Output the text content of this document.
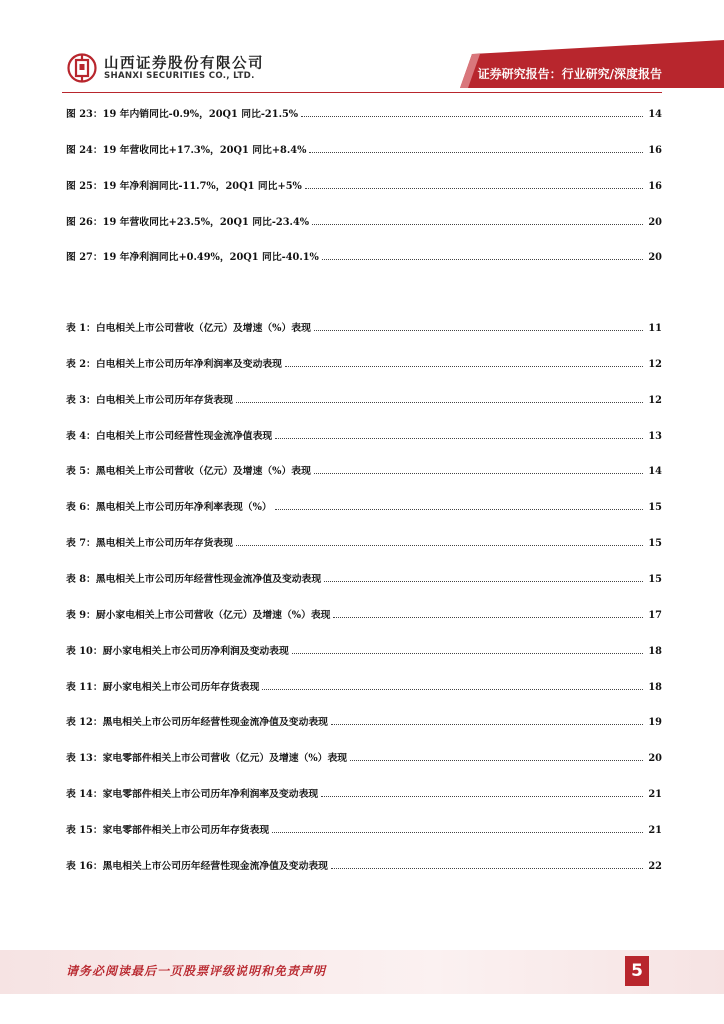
山西证券股份有限公司
SHANXI SECURITIES CO., LTD.	证券研究报告：行业研究/深度报告
图 23：19 年内销同比-0.9%，20Q1 同比-21.5%	14
图 24：19 年营收同比+17.3%，20Q1 同比+8.4%	16
图 25：19 年净利润同比-11.7%，20Q1 同比+5%	16
图 26：19 年营收同比+23.5%，20Q1 同比-23.4%	20
图 27：19 年净利润同比+0.49%，20Q1 同比-40.1%	20
表 1：白电相关上市公司营收（亿元）及增速（%）表现	11
表 2：白电相关上市公司历年净利润率及变动表现	12
表 3：白电相关上市公司历年存货表现	12
表 4：白电相关上市公司经营性现金流净值表现	13
表 5：黑电相关上市公司营收（亿元）及增速（%）表现	14
表 6：黑电相关上市公司历年净利率表现（%）	15
表 7：黑电相关上市公司历年存货表现	15
表 8：黑电相关上市公司历年经营性现金流净值及变动表现	15
表 9：厨小家电相关上市公司营收（亿元）及增速（%）表现	17
表 10：厨小家电相关上市公司历净利润及变动表现	18
表 11：厨小家电相关上市公司历年存货表现	18
表 12：黑电相关上市公司历年经营性现金流净值及变动表现	19
表 13：家电零部件相关上市公司营收（亿元）及增速（%）表现	20
表 14：家电零部件相关上市公司历年净利润率及变动表现	21
表 15：家电零部件相关上市公司历年存货表现	21
表 16：黑电相关上市公司历年经营性现金流净值及变动表现	22
请务必阅读最后一页股票评级说明和免责声明	5
